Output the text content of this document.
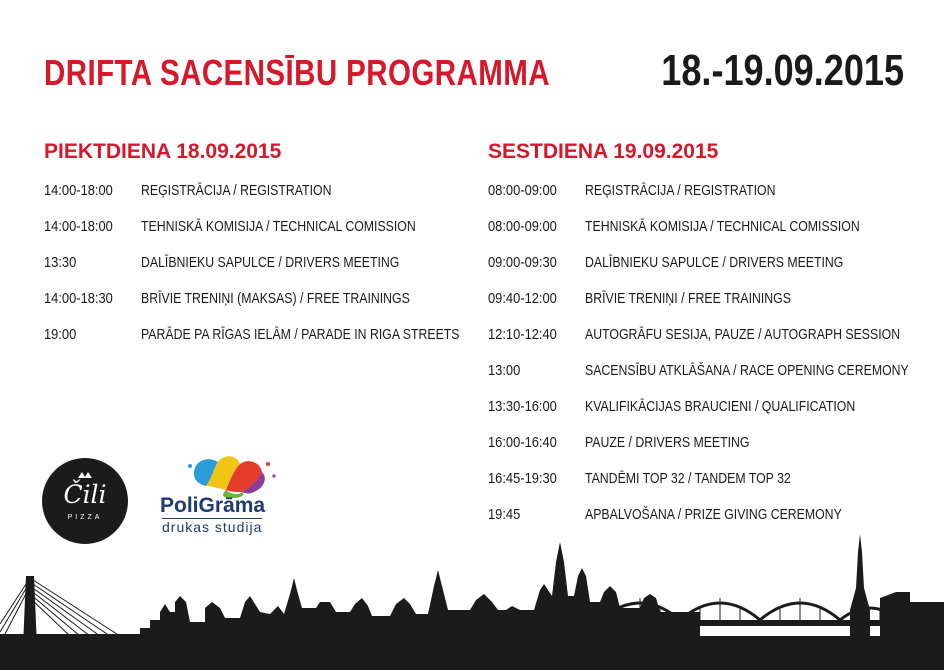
DRIFTA SACENSĪBU PROGRAMMA	18.-19.09.2015
PIEKTDIENA 18.09.2015
14:00-18:00 REĢISTRĀCIJA / REGISTRATION
14:00-18:00 TEHNISKĀ KOMISIJA / TECHNICAL COMISSION
13:30	DALĪBNIEKU SAPULCE / DRIVERS MEETING
14:00-18:30 BRĪVIE TRENIŅI (MAKSAS) / FREE TRAININGS
19:00	PARĀDE PA RĪGAS IELĀM / PARADE IN RIGA STREETS
SESTDIENA 19.09.2015
08:00-09:00 REĢISTRĀCIJA / REGISTRATION
08:00-09:00 TEHNISKĀ KOMISIJA / TECHNICAL COMISSION
09:00-09:30 DALĪBNIEKU SAPULCE / DRIVERS MEETING
09:40-12:00 BRĪVIE TRENIŅI / FREE TRAININGS
12:10-12:40 AUTOGRĀFU SESIJA, PAUZE / AUTOGRAPH SESSION
13:00	SACENSĪBU ATKLĀŠANA / RACE OPENING CEREMONY
13:30-16:00 KVALIFIKĀCIJAS BRAUCIENI / QUALIFICATION
16:00-16:40 PAUZE / DRIVERS MEETING
16:45-19:30 TANDĒMI TOP 32 / TANDEM TOP 32
19:45	APBALVOŠANA / PRIZE GIVING CEREMONY
Čili
PIZZA
PoliGrāma
drukas studija
